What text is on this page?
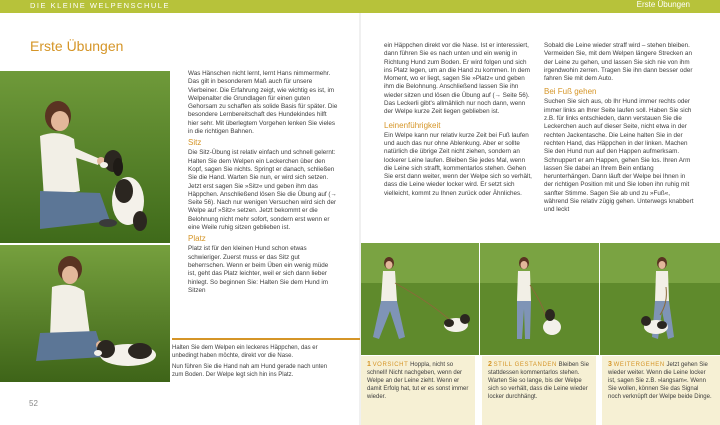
DIE KLEINE WELPENSCHULE	Erste Übungen
Erste Übungen

Was Hänschen nicht lernt, lernt Hans nimmermehr. Das gilt in besonderem Maß auch für unsere Vierbeiner. Die Erfahrung zeigt, wie wichtig es ist, im Welpenalter die Grundlagen für einen guten Gehorsam zu schaffen als solide Basis für später. Die besondere Lernbereitschaft des Hundekindes hilft hier sehr. Mit überlegtem Vorgehen lenken Sie vieles in die richtigen Bahnen.

Sitz

Die Sitz-Übung ist relativ einfach und schnell gelernt: Halten Sie dem Welpen ein Leckerchen über den Kopf, sagen Sie nichts. Springt er danach, schließen Sie die Hand. Warten Sie nun, er wird sich setzen. Jetzt erst sagen Sie »Sitz« und geben ihm das Häppchen. Anschließend lösen Sie die Übung auf (→ Seite 56). Nach nur wenigen Versuchen wird sich der Welpe auf »Sitz« setzen. Jetzt bekommt er die Belohnung nicht mehr sofort, sondern erst wenn er eine Weile ruhig sitzen geblieben ist.

Platz

Platz ist für den kleinen Hund schon etwas schwieriger. Zuerst muss er das Sitz gut beherrschen. Wenn er beim Üben ein wenig müde ist, geht das Platz leichter, weil er sich dann lieber hinlegt. So beginnen Sie: Halten Sie dem Hund im Sitzen

Halten Sie dem Welpen ein leckeres Häppchen, das er unbedingt haben möchte, direkt vor die Nase.

Nun führen Sie die Hand nah am Hund gerade nach unten zum Boden. Der Welpe legt sich hin ins Platz.

52

ein Häppchen direkt vor die Nase. Ist er interessiert, dann führen Sie es nach unten und ein wenig in Richtung Hund zum Boden. Er wird folgen und sich ins Platz legen, um an die Hand zu kommen. In dem Moment, wo er liegt, sagen Sie »Platz« und geben ihm die Belohnung. Anschließend lassen Sie ihn wieder sitzen und lösen die Übung auf (→ Seite 56). Das Leckerli gibt's allmählich nur noch dann, wenn der Welpe kurze Zeit liegen geblieben ist.

Leinenführigkeit

Ein Welpe kann nur relativ kurze Zeit bei Fuß laufen und auch das nur ohne Ablenkung. Aber er sollte natürlich die übrige Zeit nicht ziehen, sondern an lockerer Leine laufen. Bleiben Sie jedes Mal, wenn die Leine sich strafft, kommentarlos stehen. Gehen Sie erst dann weiter, wenn der Welpe sich so verhält, dass die Leine wieder locker wird. Er setzt sich vielleicht, kommt zu Ihnen zurück oder Ähnliches.

Sobald die Leine wieder straff wird – stehen bleiben. Vermeiden Sie, mit dem Welpen längere Strecken an der Leine zu gehen, und lassen Sie sich nie von ihm irgendwohin zerren. Tragen Sie ihn dann besser oder fahren Sie mit dem Auto.

Bei Fuß gehen

Suchen Sie sich aus, ob Ihr Hund immer rechts oder immer links an Ihrer Seite laufen soll. Haben Sie sich z.B. für links entschieden, dann verstauen Sie die Leckerchen auch auf dieser Seite, nicht etwa in der rechten Jackentasche. Die Leine halten Sie in der rechten Hand, das Häppchen in der linken. Machen Sie den Hund nun auf den Happen aufmerksam. Schnuppert er am Happen, gehen Sie los. Ihren Arm lassen Sie dabei an Ihrem Bein entlang herunterhängen. Dann läuft der Welpe bei Ihnen in der richtigen Position mit und Sie loben ihn ruhig mit sanfter Stimme. Sagen Sie ab und zu »Fuß«, während Sie relativ zügig gehen. Unterwegs knabbert und leckt

1 VORSICHT Hoppla, nicht so schnell! Nicht nachgeben, wenn der Welpe an der Leine zieht. Wenn er damit Erfolg hat, tut er es sonst immer wieder.
2 STILL GESTANDEN Bleiben Sie stattdessen kommentarlos stehen. Warten Sie so lange, bis der Welpe sich so verhält, dass die Leine wieder locker durchhängt.
3 WEITERGEHEN Jetzt gehen Sie wieder weiter. Wenn die Leine locker ist, sagen Sie z.B. »langsam«. Wenn Sie wollen, können Sie das Signal noch verknüpft der Welpe beide Dinge.
